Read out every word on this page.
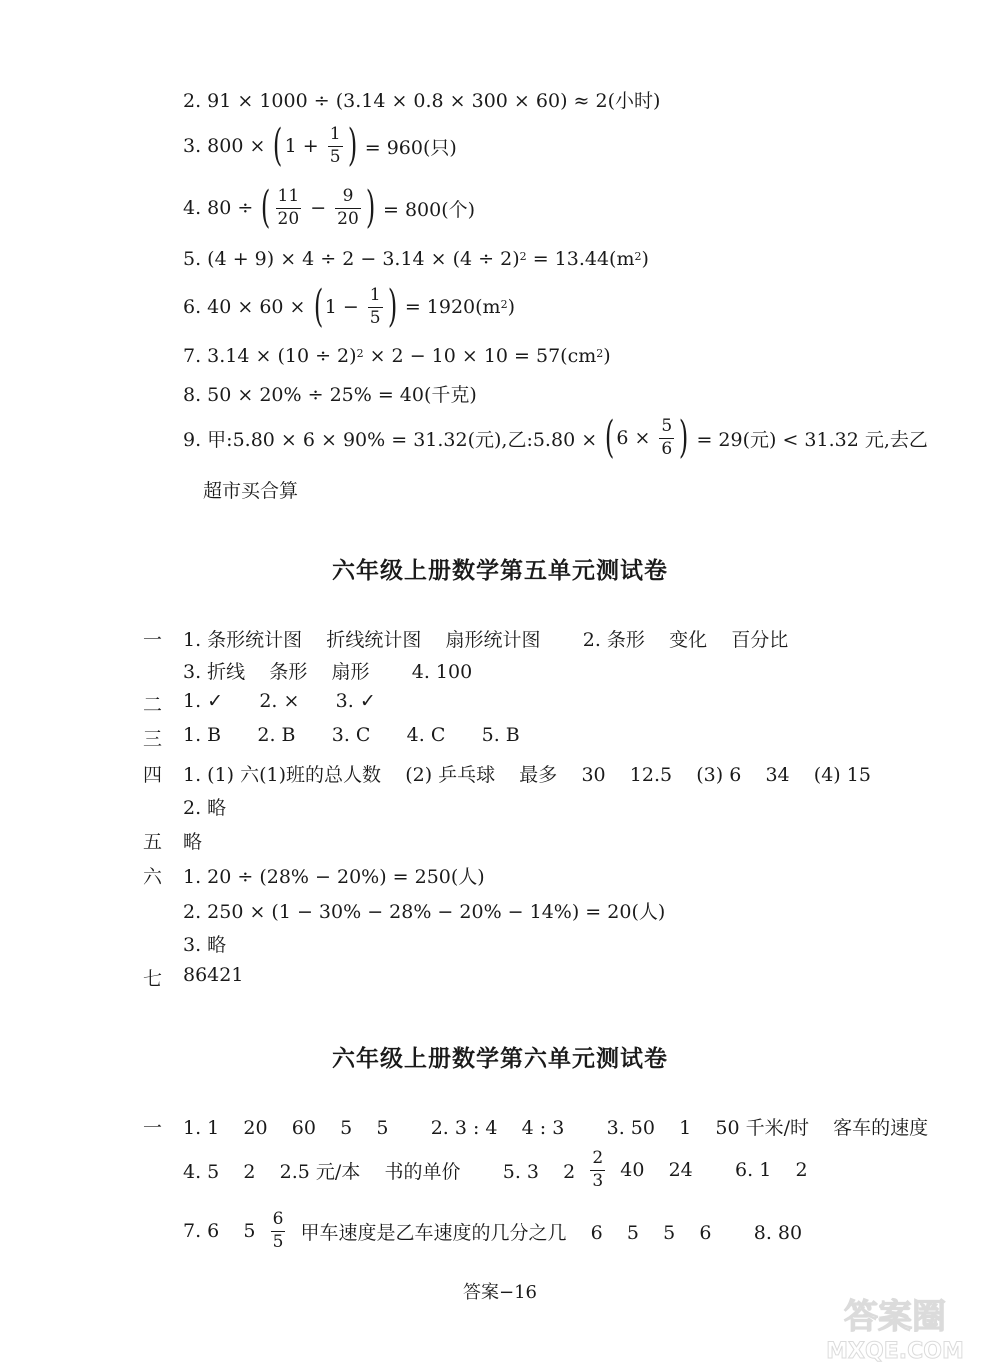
2. 91 × 1000 ÷ (3.14 × 0.8 × 300 × 60) ≈ 2(小时)
3. 800 × ( $1 + \frac{1}{5}$ ) = 960(只)
4. 80 ÷ ( $\frac{11}{20} - \frac{9}{20}$ ) = 800(个)
5. $(4 + 9) \times 4 \div 2 - 3.14 \times (4 \div 2)^2 = 13.44(m^2$ )
6. 40 × 60 × ( $1 - \frac{1}{5}$ ) = $1920(m^2$ )
7. $3.14 \times (10 \div 2)^2 \times 2 - 10 \times 10 = 57(cm^2$ )
8. 50 × 20% ÷ 25% = 40(千克)
9. 甲:5.80 × 6 × 90% = 31.32(元),乙:5.80 × ( $6 \times \frac{5}{6}$ ) = 29(元) < 31.32 元,去乙
超市买合算
六年级上册数学第五单元测试卷
一 1. 条形统计图    折线统计图    扇形统计图       2. 条形    变化    百分比
3. 折线    条形    扇形       4. 100
二 1. ✓      2. ×      3. ✓
三 1. B      2. B      3. C      4. C      5. B
四 1. (1) 六(1)班的总人数    (2) 乒乓球    最多    30    12.5    (3) 6    34    (4) 15
2. 略
五 略
六 1. 20 ÷ (28% − 20%) = 250(人)
2. 250 × (1 − 30% − 28% − 20% − 14%) = 20(人)
3. 略
七 86421
六年级上册数学第六单元测试卷
一 1. 1    20    60    5    5       2. 3 : 4    4 : 3       3. 50    1    50 千米/时    客车的速度
4. 5    2    2.5 元/本    书的单价       5. 3    $2 \frac{2}{3} 40$    24       6. 1    2
7. 6    $5 \frac{6}{5}$ 甲车速度是乙车速度的几分之几    6    5    5    6       8. 80
答案−16
答案圈
MXQE.COM
